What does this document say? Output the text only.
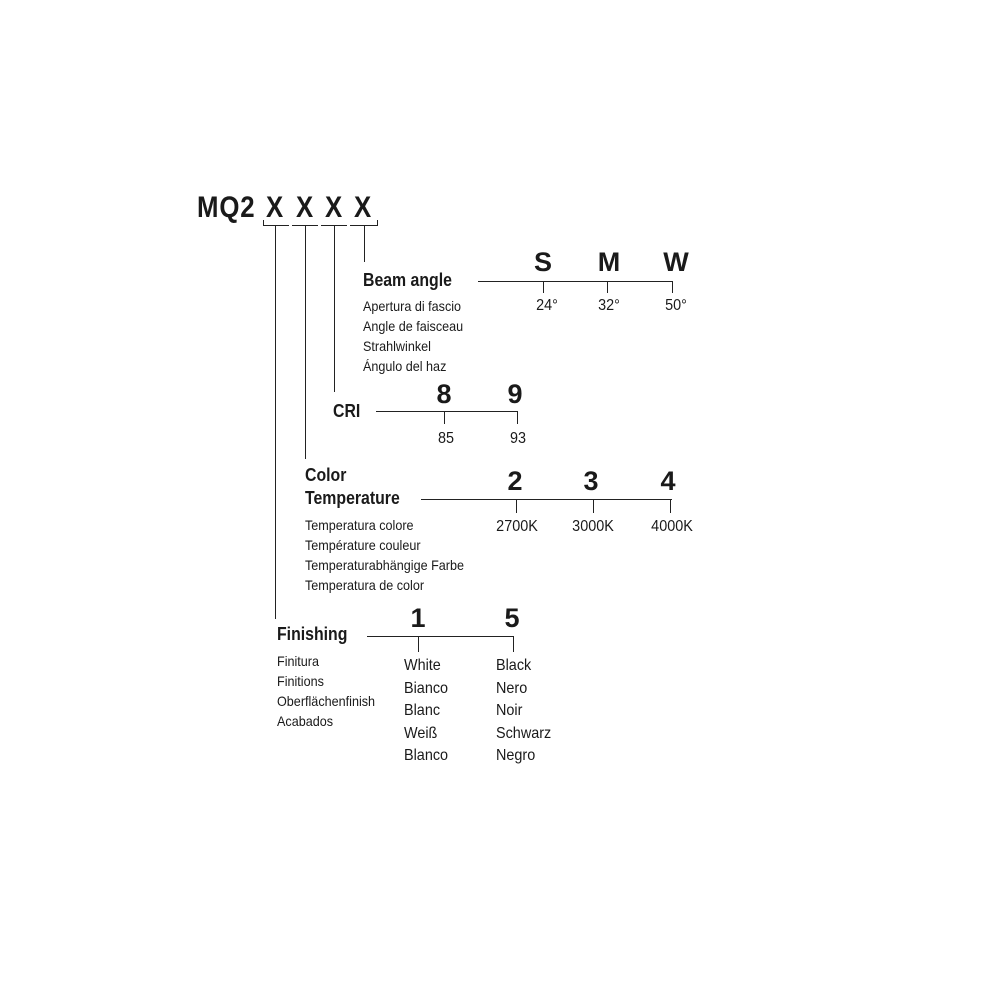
MQ2 X X X X
Beam angle
Apertura di fascio
Angle de faisceau
Strahlwinkel
Ángulo del haz
S M W
24°	32°	50°
CRI
8 9
85	93
Color
Temperature
Temperatura colore
Température couleur
Temperaturabhängige Farbe
Temperatura de color
2 3 4
2700K 3000K 4000K
Finishing
Finitura
Finitions
Oberflächenfinish
Acabados
1	5
White
Bianco
Blanc
Weiß
Blanco
Black
Nero
Noir
Schwarz
Negro
